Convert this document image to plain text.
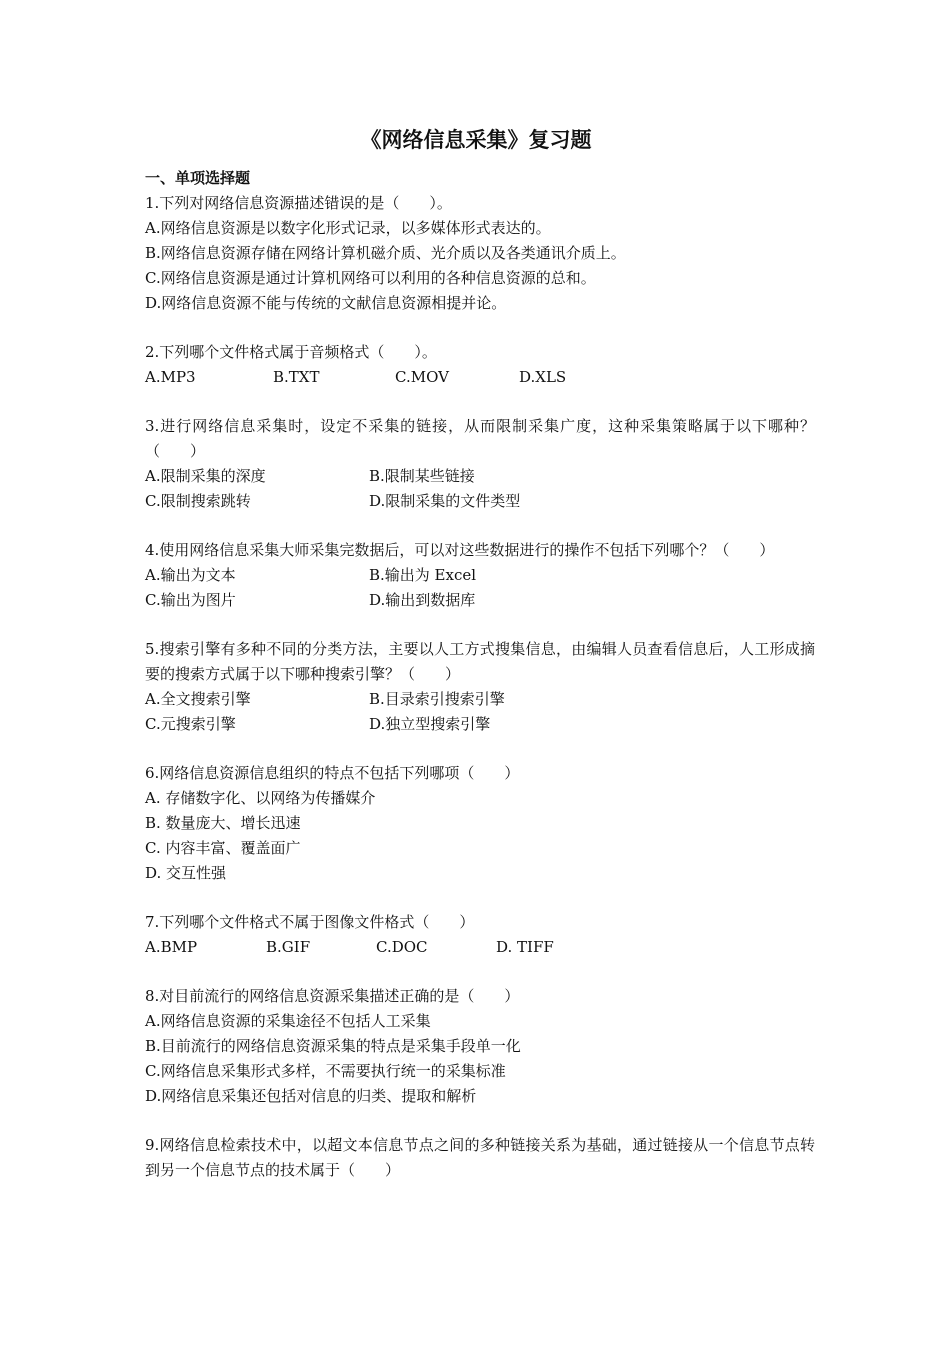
《网络信息采集》复习题
一、单项选择题
1.下列对网络信息资源描述错误的是（　　）。
A.网络信息资源是以数字化形式记录，以多媒体形式表达的。
B.网络信息资源存储在网络计算机磁介质、光介质以及各类通讯介质上。
C.网络信息资源是通过计算机网络可以利用的各种信息资源的总和。
D.网络信息资源不能与传统的文献信息资源相提并论。
2.下列哪个文件格式属于音频格式（　　）。
A.MP3	B.TXT	C.MOV	D.XLS
3.进行网络信息采集时，设定不采集的链接，从而限制采集广度，这种采集策略属于以下哪种？（　　）
A.限制采集的深度	B.限制某些链接
C.限制搜索跳转	D.限制采集的文件类型
4.使用网络信息采集大师采集完数据后，可以对这些数据进行的操作不包括下列哪个？（　　）
A.输出为文本	B.输出为 Excel
C.输出为图片	D.输出到数据库
5.搜索引擎有多种不同的分类方法，主要以人工方式搜集信息，由编辑人员查看信息后，人工形成摘要的搜索方式属于以下哪种搜索引擎？（　　）
A.全文搜索引擎	B.目录索引搜索引擎
C.元搜索引擎	D.独立型搜索引擎
6.网络信息资源信息组织的特点不包括下列哪项（　　）
A. 存储数字化、以网络为传播媒介
B. 数量庞大、增长迅速
C. 内容丰富、覆盖面广
D. 交互性强
7.下列哪个文件格式不属于图像文件格式（　　）
A.BMP	B.GIF	C.DOC	D. TIFF
8.对目前流行的网络信息资源采集描述正确的是（　　）
A.网络信息资源的采集途径不包括人工采集
B.目前流行的网络信息资源采集的特点是采集手段单一化
C.网络信息采集形式多样，不需要执行统一的采集标准
D.网络信息采集还包括对信息的归类、提取和解析
9.网络信息检索技术中，以超文本信息节点之间的多种链接关系为基础，通过链接从一个信息节点转到另一个信息节点的技术属于（　　）
